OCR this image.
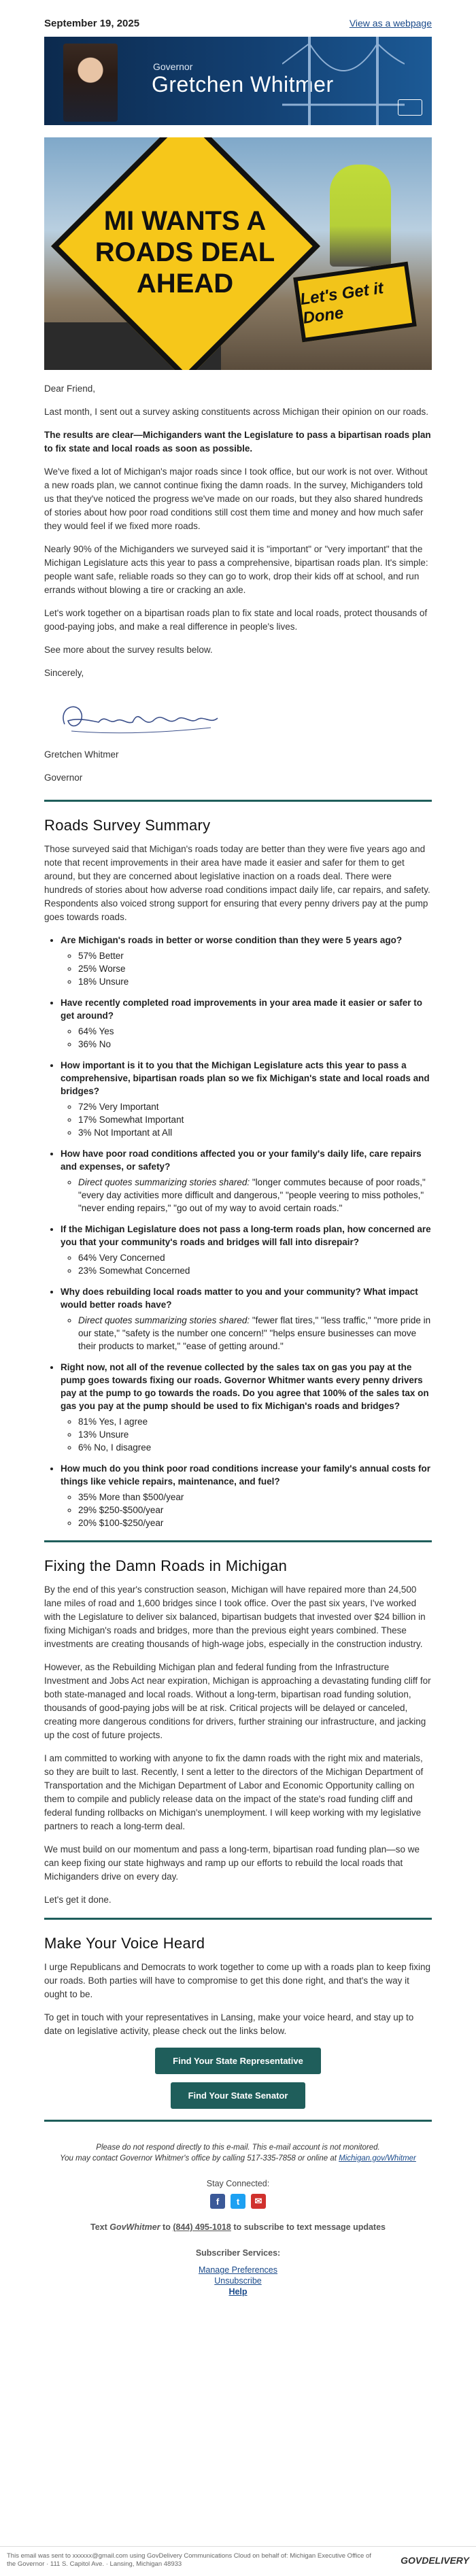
September 19, 2025	View as a webpage
Governor
Gretchen Whitmer
MI WANTS A ROADS DEAL AHEAD	Let's Get it Done

Dear Friend,

Last month, I sent out a survey asking constituents across Michigan their opinion on our roads.

The results are clear—Michiganders want the Legislature to pass a bipartisan roads plan to fix state and local roads as soon as possible.

We've fixed a lot of Michigan's major roads since I took office, but our work is not over. Without a new roads plan, we cannot continue fixing the damn roads. In the survey, Michiganders told us that they've noticed the progress we've made on our roads, but they also shared hundreds of stories about how poor road conditions still cost them time and money and how much safer they would feel if we fixed more roads.

Nearly 90% of the Michiganders we surveyed said it is "important" or "very important" that the Michigan Legislature acts this year to pass a comprehensive, bipartisan roads plan. It's simple: people want safe, reliable roads so they can go to work, drop their kids off at school, and run errands without blowing a tire or cracking an axle.

Let's work together on a bipartisan roads plan to fix state and local roads, protect thousands of good-paying jobs, and make a real difference in people's lives.

See more about the survey results below.

Sincerely,

Gretchen Whitmer

Governor

Roads Survey Summary

Those surveyed said that Michigan's roads today are better than they were five years ago and note that recent improvements in their area have made it easier and safer for them to get around, but they are concerned about legislative inaction on a roads deal. There were hundreds of stories about how adverse road conditions impact daily life, car repairs, and safety. Respondents also voiced strong support for ensuring that every penny drivers pay at the pump goes towards roads.

• Are Michigan's roads in better or worse condition than they were 5 years ago?
◦ 57% Better
◦ 25% Worse
◦ 18% Unsure
• Have recently completed road improvements in your area made it easier or safer to get around?
◦ 64% Yes
◦ 36% No
• How important is it to you that the Michigan Legislature acts this year to pass a comprehensive, bipartisan roads plan so we fix Michigan's state and local roads and bridges?
◦ 72% Very Important
◦ 17% Somewhat Important
◦ 3% Not Important at All
• How have poor road conditions affected you or your family's daily life, care repairs and expenses, or safety?
◦ Direct quotes summarizing stories shared: "longer commutes because of poor roads," "every day activities more difficult and dangerous," "people veering to miss potholes," "never ending repairs," "go out of my way to avoid certain roads."
• If the Michigan Legislature does not pass a long-term roads plan, how concerned are you that your community's roads and bridges will fall into disrepair?
◦ 64% Very Concerned
◦ 23% Somewhat Concerned
• Why does rebuilding local roads matter to you and your community? What impact would better roads have?
◦ Direct quotes summarizing stories shared: "fewer flat tires," "less traffic," "more pride in our state," "safety is the number one concern!" "helps ensure businesses can move their products to market," "ease of getting around."
• Right now, not all of the revenue collected by the sales tax on gas you pay at the pump goes towards fixing our roads. Governor Whitmer wants every penny drivers pay at the pump to go towards the roads. Do you agree that 100% of the sales tax on gas you pay at the pump should be used to fix Michigan's roads and bridges?
◦ 81% Yes, I agree
◦ 13% Unsure
◦ 6% No, I disagree
• How much do you think poor road conditions increase your family's annual costs for things like vehicle repairs, maintenance, and fuel?
◦ 35% More than $500/year
◦ 29% $250-$500/year
◦ 20% $100-$250/year
Fixing the Damn Roads in Michigan

By the end of this year's construction season, Michigan will have repaired more than 24,500 lane miles of road and 1,600 bridges since I took office. Over the past six years, I've worked with the Legislature to deliver six balanced, bipartisan budgets that invested over $24 billion in fixing Michigan's roads and bridges, more than the previous eight years combined. These investments are creating thousands of high-wage jobs, especially in the construction industry.

However, as the Rebuilding Michigan plan and federal funding from the Infrastructure Investment and Jobs Act near expiration, Michigan is approaching a devastating funding cliff for both state-managed and local roads. Without a long-term, bipartisan road funding solution, thousands of good-paying jobs will be at risk. Critical projects will be delayed or canceled, creating more dangerous conditions for drivers, further straining our infrastructure, and jacking up the cost of future projects.

I am committed to working with anyone to fix the damn roads with the right mix and materials, so they are built to last. Recently, I sent a letter to the directors of the Michigan Department of Transportation and the Michigan Department of Labor and Economic Opportunity calling on them to compile and publicly release data on the impact of the state's road funding cliff and federal funding rollbacks on Michigan's unemployment. I will keep working with my legislative partners to reach a long-term deal.

We must build on our momentum and pass a long-term, bipartisan road funding plan—so we can keep fixing our state highways and ramp up our efforts to rebuild the local roads that Michiganders drive on every day.

Let's get it done.

Make Your Voice Heard

I urge Republicans and Democrats to work together to come up with a roads plan to keep fixing our roads. Both parties will have to compromise to get this done right, and that's the way it ought to be.

To get in touch with your representatives in Lansing, make your voice heard, and stay up to date on legislative activity, please check out the links below.

Find Your State Representative
Find Your State Senator
Please do not respond directly to this e-mail. This e-mail account is not monitored.
You may contact Governor Whitmer's office by calling 517-335-7858 or online at Michigan.gov/Whitmer
Stay Connected:
f	t	✉
Text GovWhitmer to (844) 495-1018 to subscribe to text message updates
Subscriber Services:
Manage Preferences
Unsubscribe
Help
This email was sent to xxxxxx@gmail.com using GovDelivery Communications Cloud on behalf of: Michigan Executive Office of
the Governor · 111 S. Capitol Ave. · Lansing, Michigan 48933	GOVDELIVERY
